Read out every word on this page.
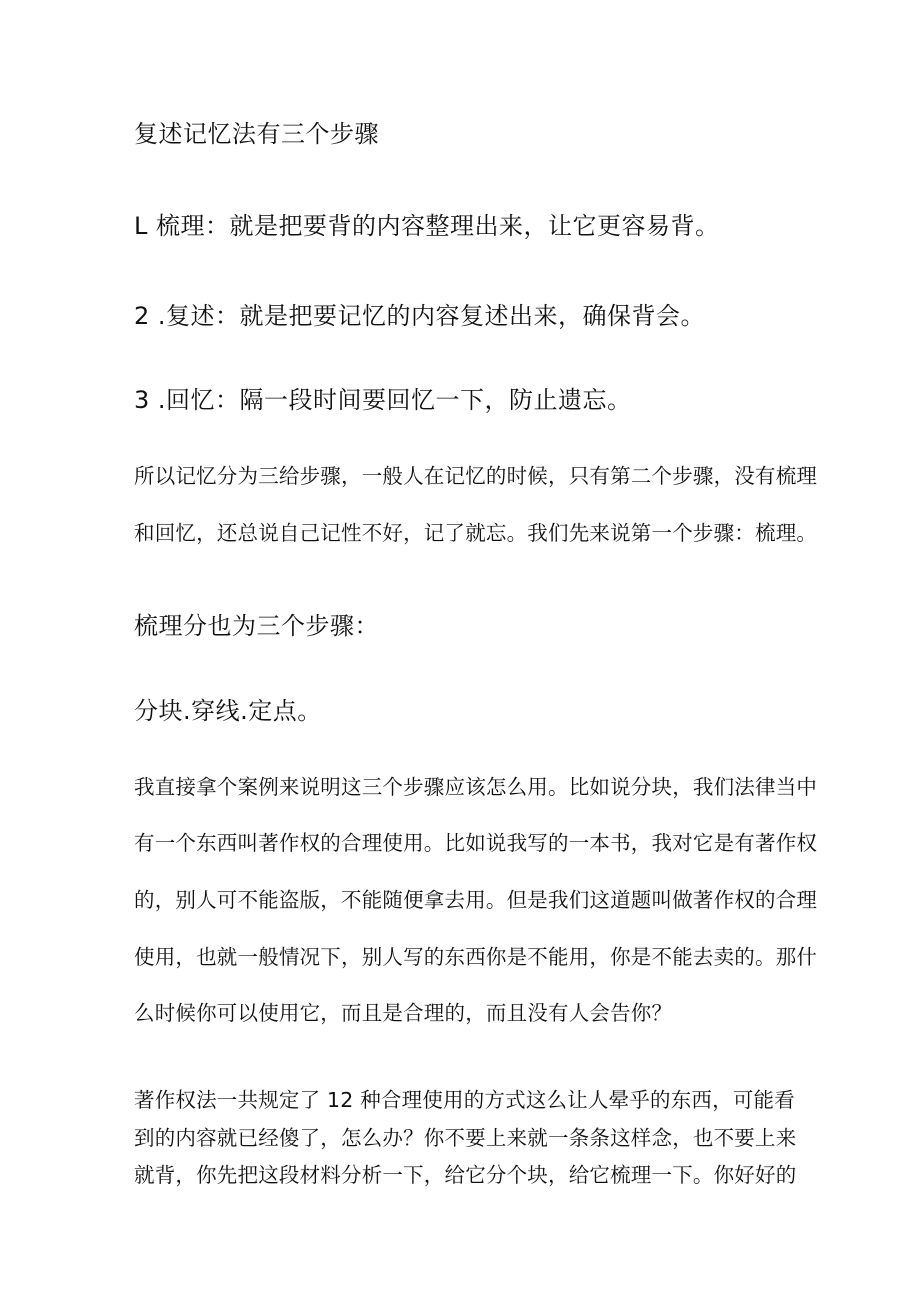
复述记忆法有三个步骤

L 梳理：就是把要背的内容整理出来，让它更容易背。

2 .复述：就是把要记忆的内容复述出来，确保背会。

3 .回忆：隔一段时间要回忆一下，防止遗忘。

所以记忆分为三给步骤，一般人在记忆的时候，只有第二个步骤，没有梳理

和回忆，还总说自己记性不好，记了就忘。我们先来说第一个步骤：梳理。

梳理分也为三个步骤：

分块.穿线.定点。

我直接拿个案例来说明这三个步骤应该怎么用。比如说分块，我们法律当中

有一个东西叫著作权的合理使用。比如说我写的一本书，我对它是有著作权

的，别人可不能盗版，不能随便拿去用。但是我们这道题叫做著作权的合理

使用，也就一般情况下，别人写的东西你是不能用，你是不能去卖的。那什

么时候你可以使用它，而且是合理的，而且没有人会告你？

著作权法一共规定了 12 种合理使用的方式这么让人晕乎的东西，可能看

到的内容就已经傻了，怎么办？你不要上来就一条条这样念，也不要上来

就背，你先把这段材料分析一下，给它分个块，给它梳理一下。你好好的
